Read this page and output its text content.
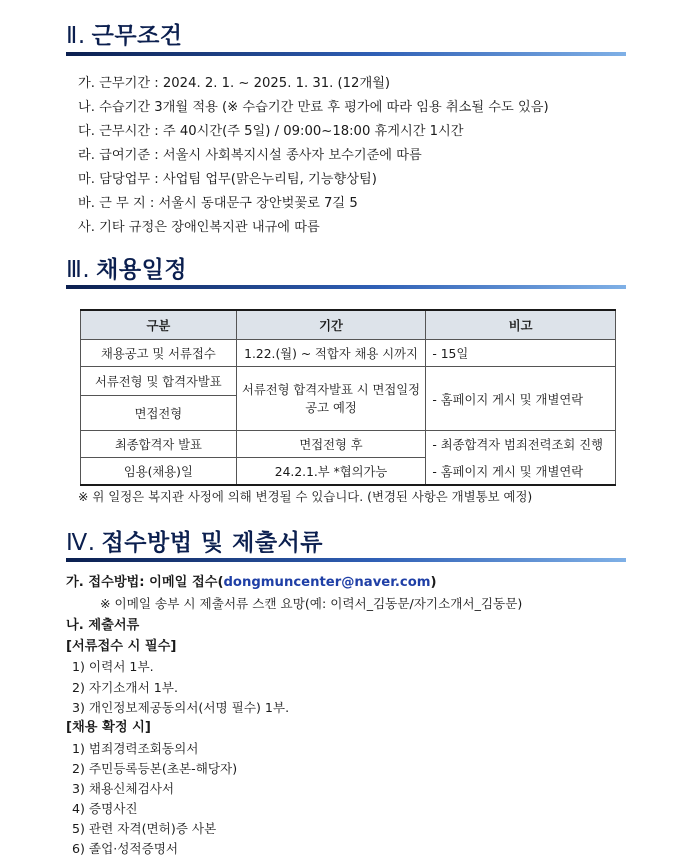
Ⅱ. 근무조건
가. 근무기간 : 2024. 2. 1. ~ 2025. 1. 31. (12개월)
나. 수습기간 3개월 적용 (※ 수습기간 만료 후 평가에 따라 임용 취소될 수도 있음)
다. 근무시간 : 주 40시간(주 5일) / 09:00~18:00 휴게시간 1시간
라. 급여기준 : 서울시 사회복지시설 종사자 보수기준에 따름
마. 담당업무 : 사업팀 업무(맑은누리팀, 기능향상팀)
바. 근 무 지 : 서울시 동대문구 장안벚꽃로 7길 5
사. 기타 규정은 장애인복지관 내규에 따름
Ⅲ. 채용일정
구분	기간	비고
채용공고 및 서류접수	1.22.(월) ~ 적합자 채용 시까지	- 15일
서류전형 및 합격자발표	서류전형 합격자발표 시 면접일정 공고 예정	- 홈페이지 게시 및 개별연락
면접전형		
최종합격자 발표	면접전형 후	- 최종합격자 범죄전력조회 진행
임용(채용)일	24.2.1.부 *협의가능	- 홈페이지 게시 및 개별연락
※ 위 일정은 복지관 사정에 의해 변경될 수 있습니다. (변경된 사항은 개별통보 예정)
Ⅳ. 접수방법 및 제출서류
가. 접수방법: 이메일 접수(dongmuncenter@naver.com)
※ 이메일 송부 시 제출서류 스캔 요망(예: 이력서_김동문/자기소개서_김동문)
나. 제출서류
[서류접수 시 필수]
1) 이력서 1부.
2) 자기소개서 1부.
3) 개인정보제공동의서(서명 필수) 1부.
[채용 확정 시]
1) 범죄경력조회동의서
2) 주민등록등본(초본-해당자)
3) 채용신체검사서
4) 증명사진
5) 관련 자격(면허)증 사본
6) 졸업·성적증명서
